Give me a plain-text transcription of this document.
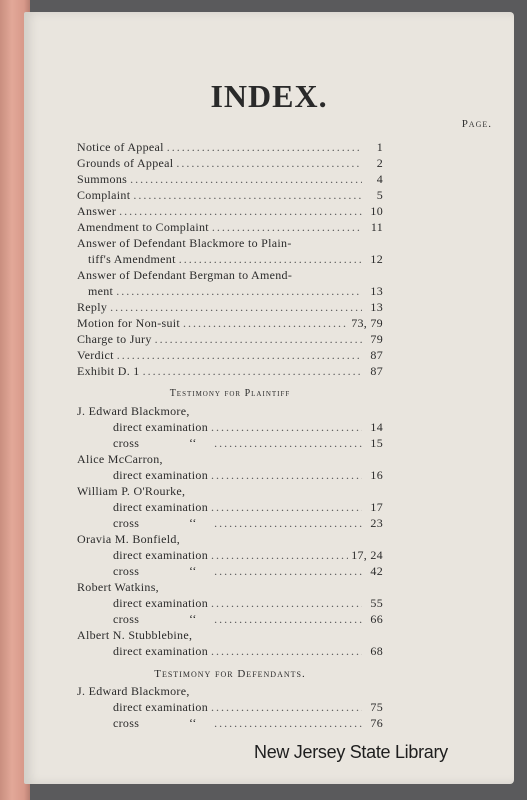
INDEX.
Page.
Notice of Appeal . . .	1
Grounds of Appeal . . .	2
Summons . . .	4
Complaint . . .	5
Answer . . .	10
Amendment to Complaint . . .	11
Answer of Defendant Blackmore to Plain-
tiff's Amendment . . .	12
Answer of Defendant Bergman to Amend-
ment . . .	13
Reply . . .	13
Motion for Non-suit . . .	73, 79
Charge to Jury . . .	79
Verdict . . .	87
Exhibit D. 1 . . .	87
Testimony for Plaintiff
J. Edward Blackmore,
direct examination . . .	14
cross	‘‘ . . .	15
Alice McCarron,
direct examination . . .	16
William P. O'Rourke,
direct examination . . .	17
cross	‘‘ . . .	23
Oravia M. Bonfield,
direct examination . . .	17, 24
cross	‘‘ . . .	42
Robert Watkins,
direct examination . . .	55
cross	‘‘ . . .	66
Albert N. Stubblebine,
direct examination . . .	68
Testimony for Defendants.
J. Edward Blackmore,
direct examination . . .	75
cross	‘‘ . . .	76
New Jersey State Library
